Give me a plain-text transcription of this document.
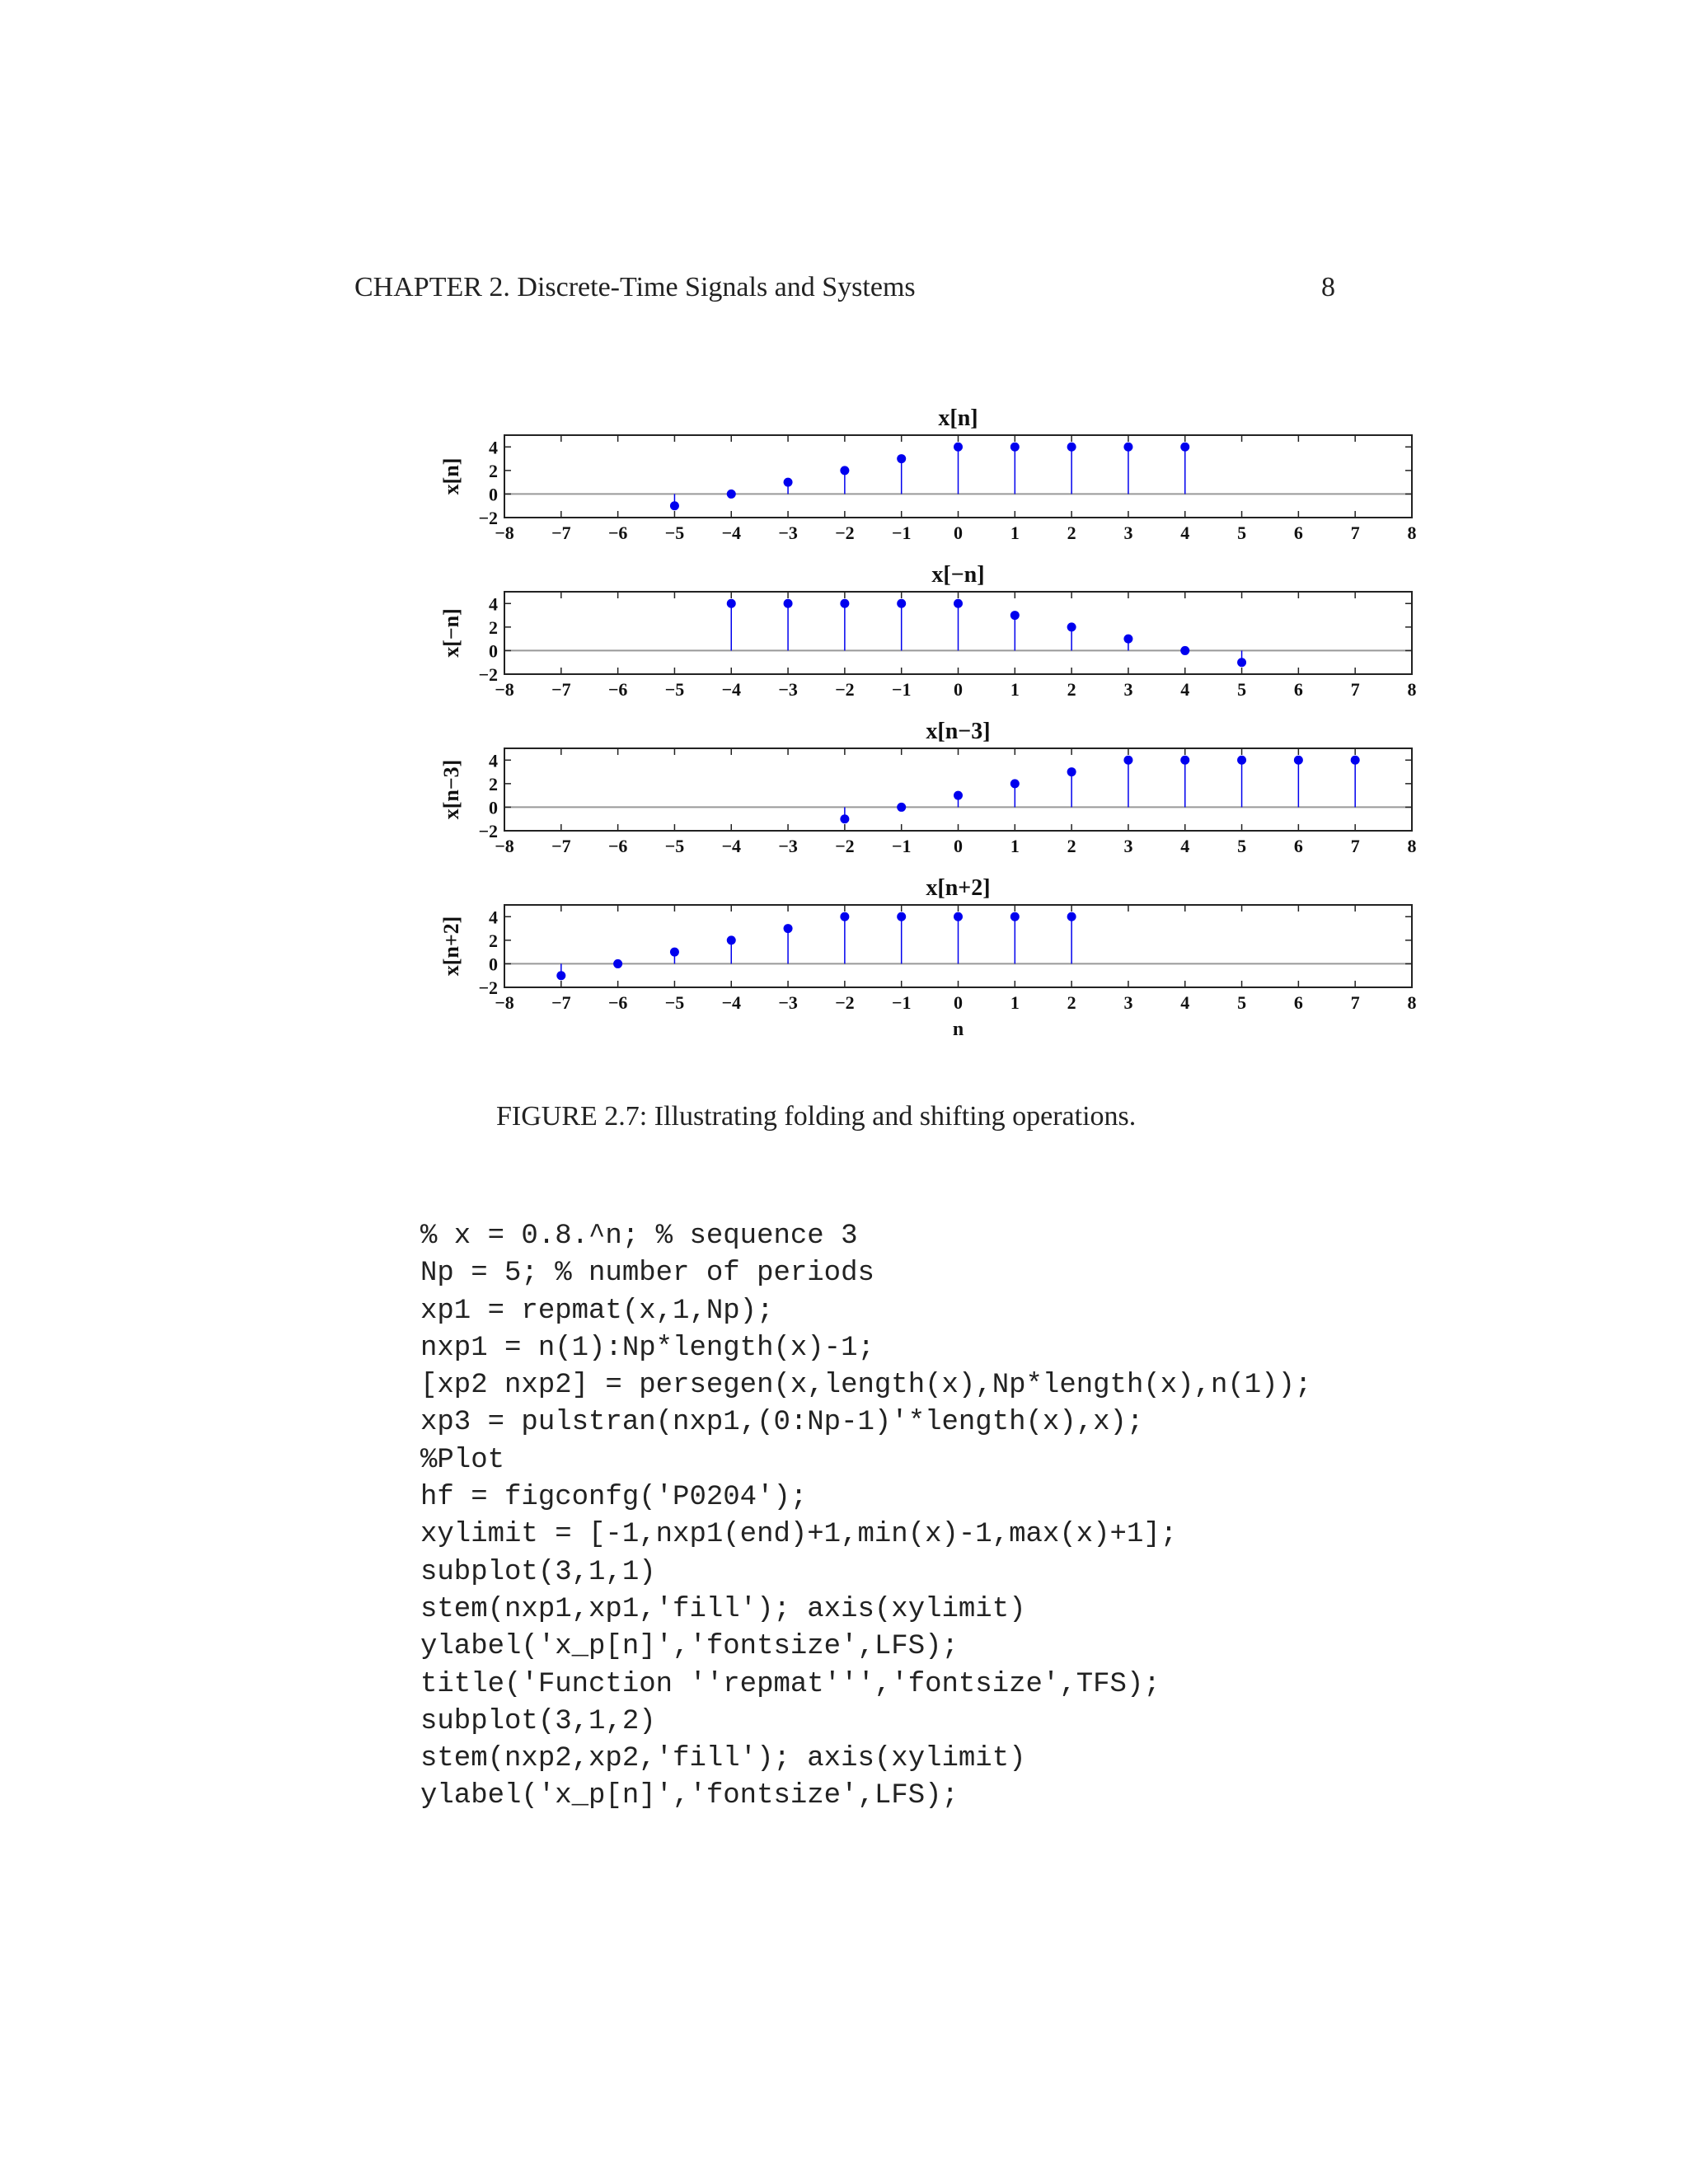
CHAPTER 2. Discrete-Time Signals and Systems	8
x[n]
x[n]
−8 −7 −6 −5 −4 −3 −2 −1 0	1	2	3	4	5	6	7	8
−2
0
2
4
x[−n]
x[−n]
−8 −7 −6 −5 −4 −3 −2 −1 0	1	2	3	4	5	6	7	8
−2
0
2
4
x[n−3]
x[n−3]
−8 −7 −6 −5 −4 −3 −2 −1 0	1	2	3	4	5	6	7	8
−2
0
2
4
x[n+2]
x[n+2]
−8 −7 −6 −5 −4 −3 −2 −1 0	1	2	3	4	5	6	7	8
−2
0
2
4
n
FIGURE 2.7: Illustrating folding and shifting operations.
% x = 0.8.^n; % sequence 3
Np = 5; % number of periods
xp1 = repmat(x,1,Np);
nxp1 = n(1):Np*length(x)-1;
[xp2 nxp2] = persegen(x,length(x),Np*length(x),n(1));
xp3 = pulstran(nxp1,(0:Np-1)'*length(x),x);
%Plot
hf = figconfg('P0204');
xylimit = [-1,nxp1(end)+1,min(x)-1,max(x)+1];
subplot(3,1,1)
stem(nxp1,xp1,'fill'); axis(xylimit)
ylabel('x_p[n]','fontsize',LFS);
title('Function ''repmat''','fontsize',TFS);
subplot(3,1,2)
stem(nxp2,xp2,'fill'); axis(xylimit)
ylabel('x_p[n]','fontsize',LFS);
